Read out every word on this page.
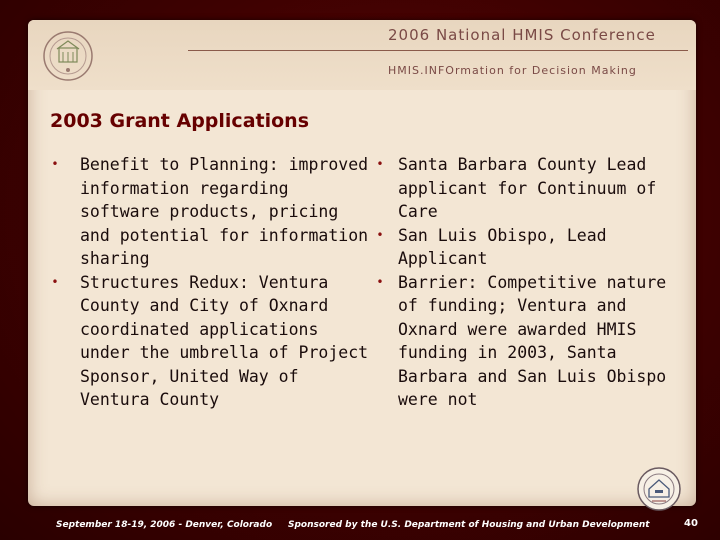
2006 National HMIS Conference
HMIS.INFOrmation for Decision Making
2003 Grant Applications
•	Benefit to Planning: improved information regarding software products, pricing and potential for information sharing
•	Structures Redux: Ventura County and City of Oxnard coordinated applications under the umbrella of Project Sponsor, United Way of Ventura County
• Santa Barbara County Lead applicant for Continuum of Care
• San Luis Obispo, Lead Applicant
• Barrier: Competitive nature of funding; Ventura and Oxnard were awarded HMIS funding in 2003, Santa Barbara and San Luis Obispo were not
September 18-19, 2006 - Denver, Colorado Sponsored by the U.S. Department of Housing and Urban Development	40
